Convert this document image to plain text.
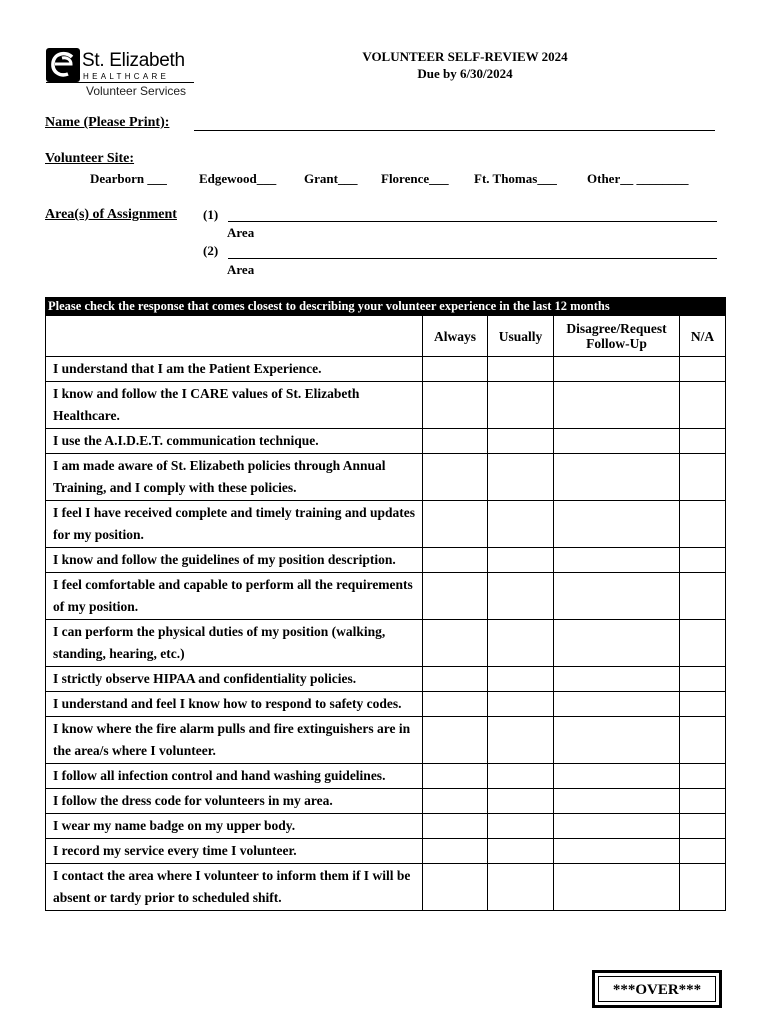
St. Elizabeth
HEALTHCARE
Volunteer Services
VOLUNTEER SELF-REVIEW 2024
Due by 6/30/2024
Name (Please Print):
Volunteer Site:
Dearborn ___ Edgewood___ Grant___ Florence___ Ft. Thomas___ Other__ ________
Area(s) of Assignment (1)
Area
(2)
Area
Please check the response that comes closest to describing your volunteer experience in the last 12 months				
	Always	Usually	Disagree/Request Follow-Up	N/A
I understand that I am the Patient Experience.				
I know and follow the I CARE values of St. Elizabeth Healthcare.				
I use the A.I.D.E.T. communication technique.				
I am made aware of St. Elizabeth policies through Annual Training, and I comply with these policies.				
I feel I have received complete and timely training and updates for my position.				
I know and follow the guidelines of my position description.				
I feel comfortable and capable to perform all the requirements of my position.				
I can perform the physical duties of my position (walking, standing, hearing, etc.)				
I strictly observe HIPAA and confidentiality policies.				
I understand and feel I know how to respond to safety codes.				
I know where the fire alarm pulls and fire extinguishers are in the area/s where I volunteer.				
I follow all infection control and hand washing guidelines.				
I follow the dress code for volunteers in my area.				
I wear my name badge on my upper body.				
I record my service every time I volunteer.				
I contact the area where I volunteer to inform them if I will be absent or tardy prior to scheduled shift.				
***OVER***
